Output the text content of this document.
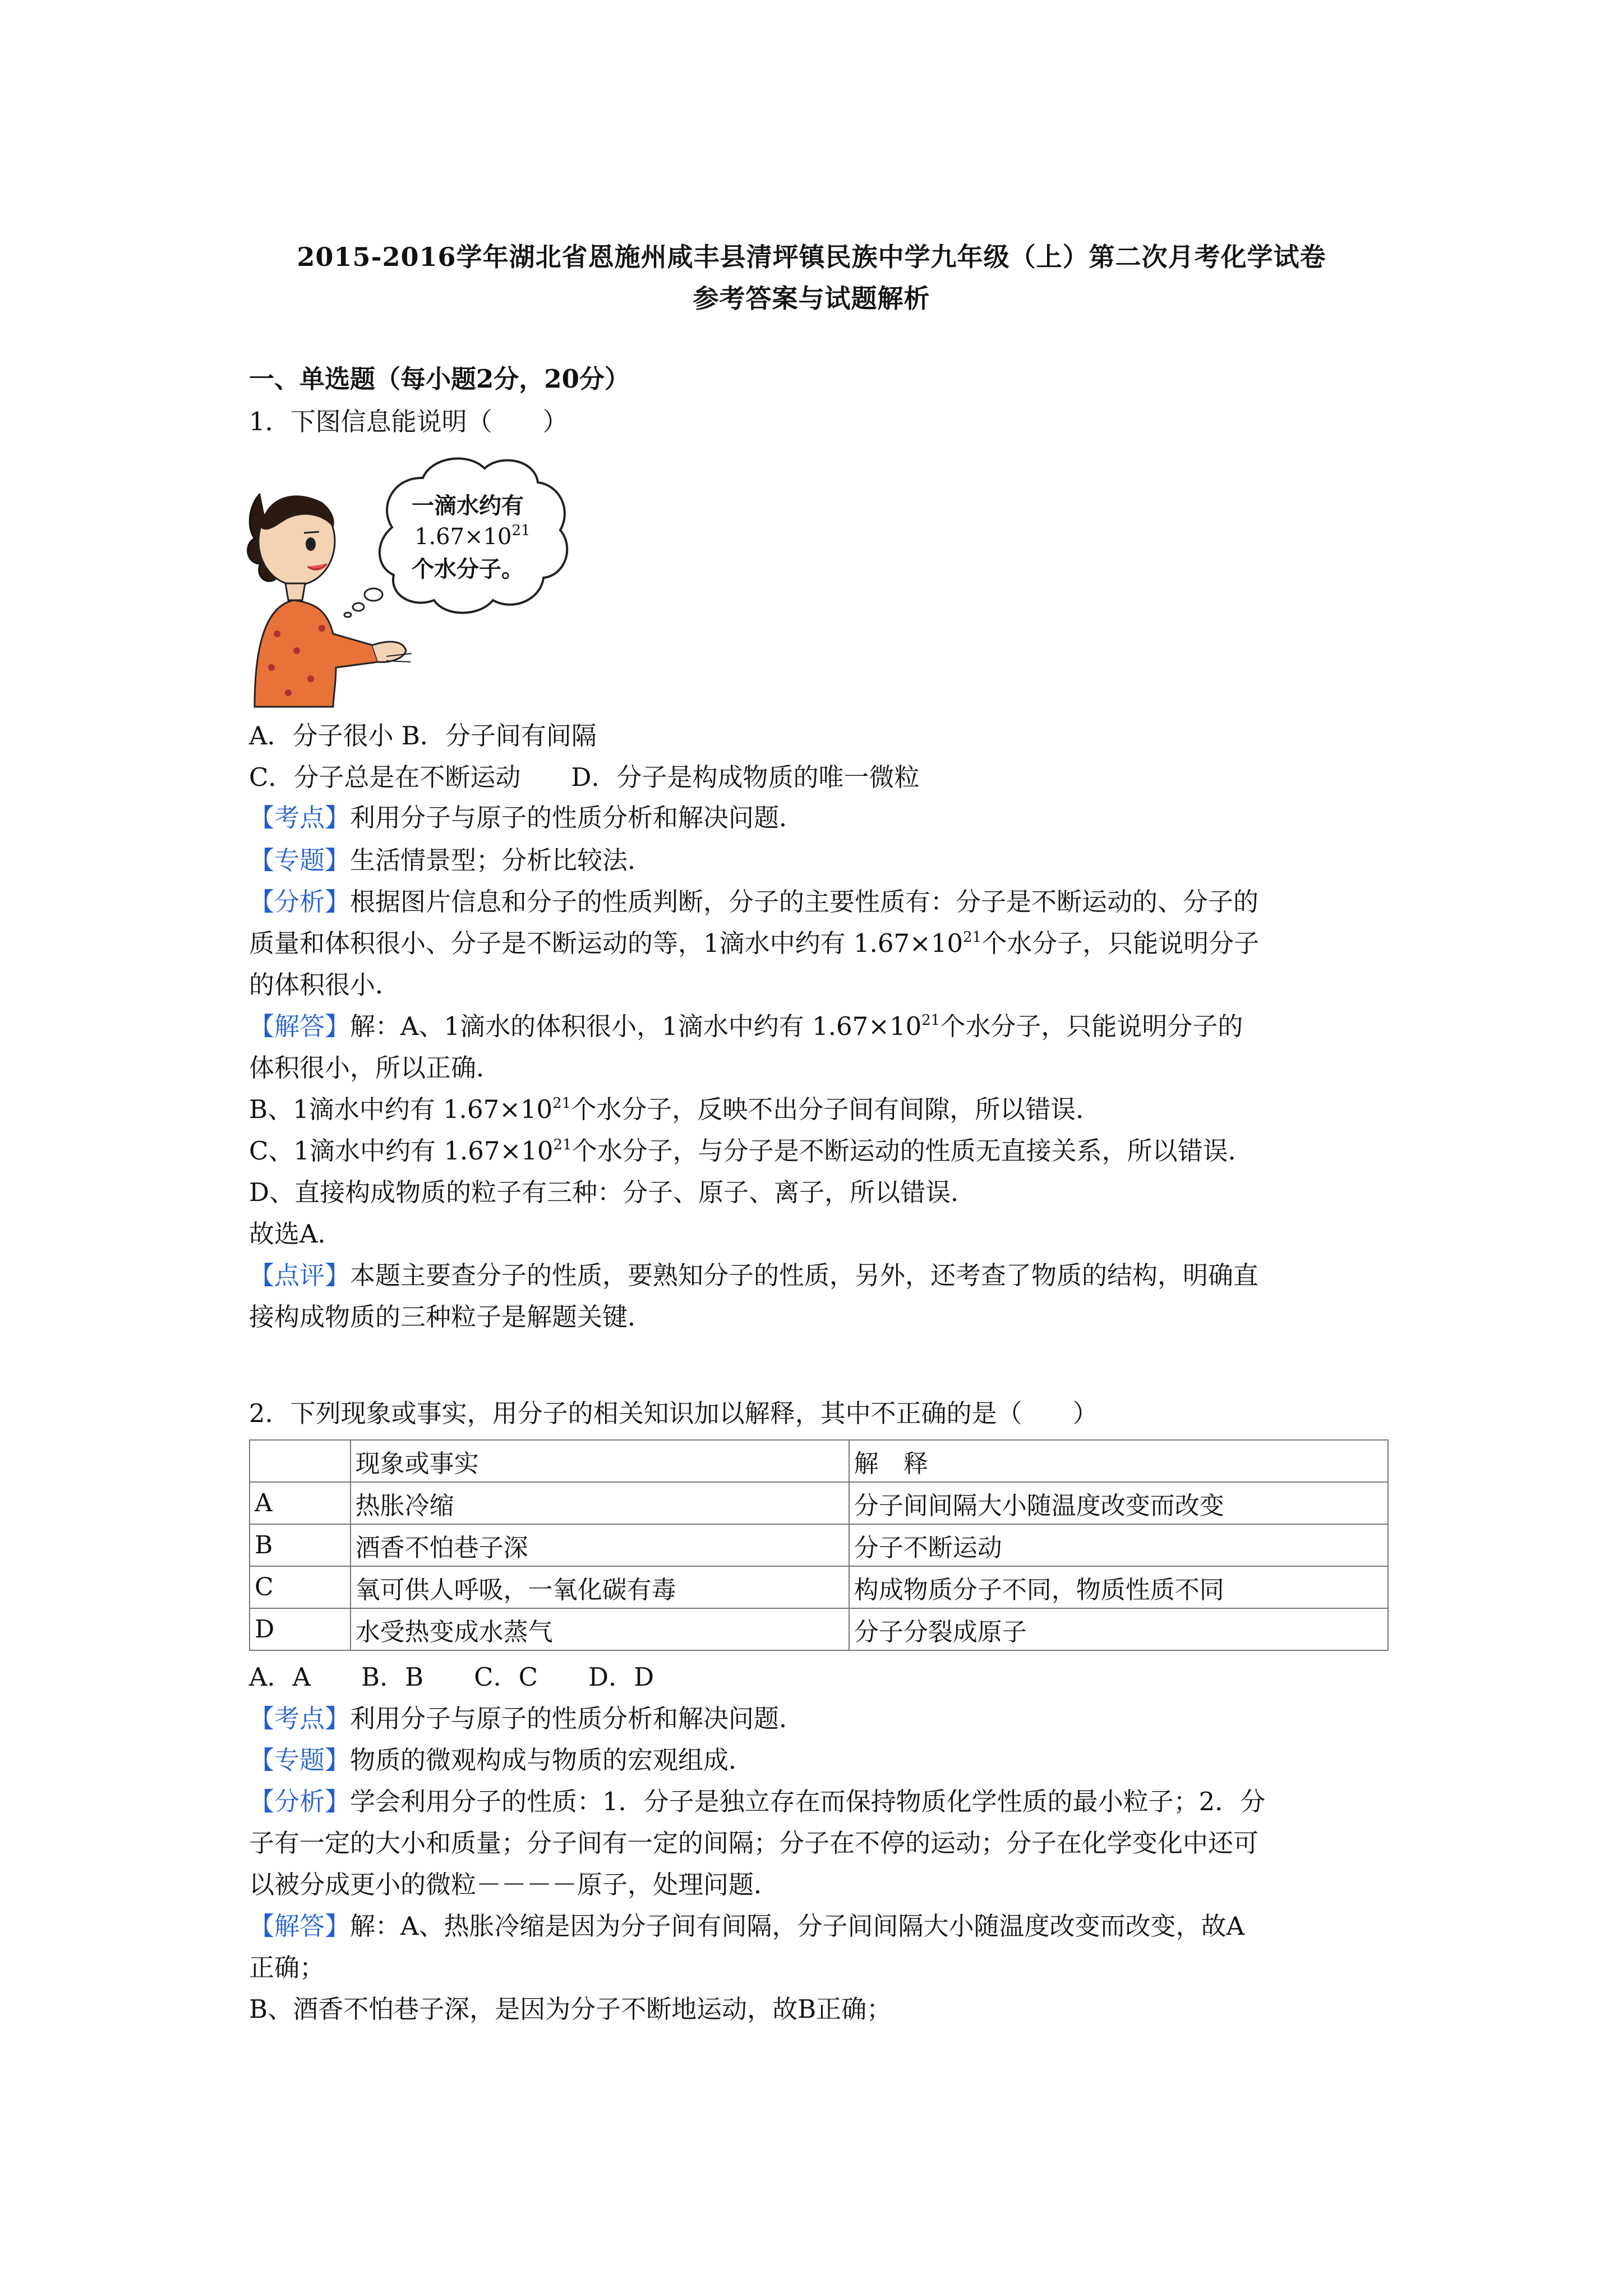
2015-2016学年湖北省恩施州咸丰县清坪镇民族中学九年级（上）第二次月考化学试卷
参考答案与试题解析
一、单选题（每小题2分，20分）
1．下图信息能说明（　　）
一滴水约有
$1.67\times 10^{21}$
个水分子。
A．分子很小 B．分子间有间隔
C．分子总是在不断运动　　D．分子是构成物质的唯一微粒
【考点】利用分子与原子的性质分析和解决问题．
【专题】生活情景型；分析比较法．
【分析】根据图片信息和分子的性质判断，分子的主要性质有：分子是不断运动的、分子的
质量和体积很小、分子是不断运动的等，1滴水中约有 $1.67\times 10^{21}$个水分子，只能说明分子
的体积很小．
【解答】解：A、1滴水的体积很小，1滴水中约有 $1.67\times 10^{21}$个水分子，只能说明分子的
体积很小，所以正确．
B、1滴水中约有 $1.67\times 10^{21}$个水分子，反映不出分子间有间隙，所以错误．
C、1滴水中约有 $1.67\times 10^{21}$个水分子，与分子是不断运动的性质无直接关系，所以错误．
D、直接构成物质的粒子有三种：分子、原子、离子，所以错误．
故选A．
【点评】本题主要查分子的性质，要熟知分子的性质，另外，还考查了物质的结构，明确直
接构成物质的三种粒子是解题关键．
2．下列现象或事实，用分子的相关知识加以解释，其中不正确的是（　　）
	现象或事实	解　释
A	热胀冷缩	分子间间隔大小随温度改变而改变
B	酒香不怕巷子深	分子不断运动
C	氧可供人呼吸，一氧化碳有毒	构成物质分子不同，物质性质不同
D	水受热变成水蒸气	分子分裂成原子
A．A　　B．B　　C．C　　D．D
【考点】利用分子与原子的性质分析和解决问题．
【专题】物质的微观构成与物质的宏观组成．
【分析】学会利用分子的性质：1．分子是独立存在而保持物质化学性质的最小粒子；2．分
子有一定的大小和质量；分子间有一定的间隔；分子在不停的运动；分子在化学变化中还可
以被分成更小的微粒－－－－原子，处理问题．
【解答】解：A、热胀冷缩是因为分子间有间隔，分子间间隔大小随温度改变而改变，故A
正确；
B、酒香不怕巷子深，是因为分子不断地运动，故B正确；
